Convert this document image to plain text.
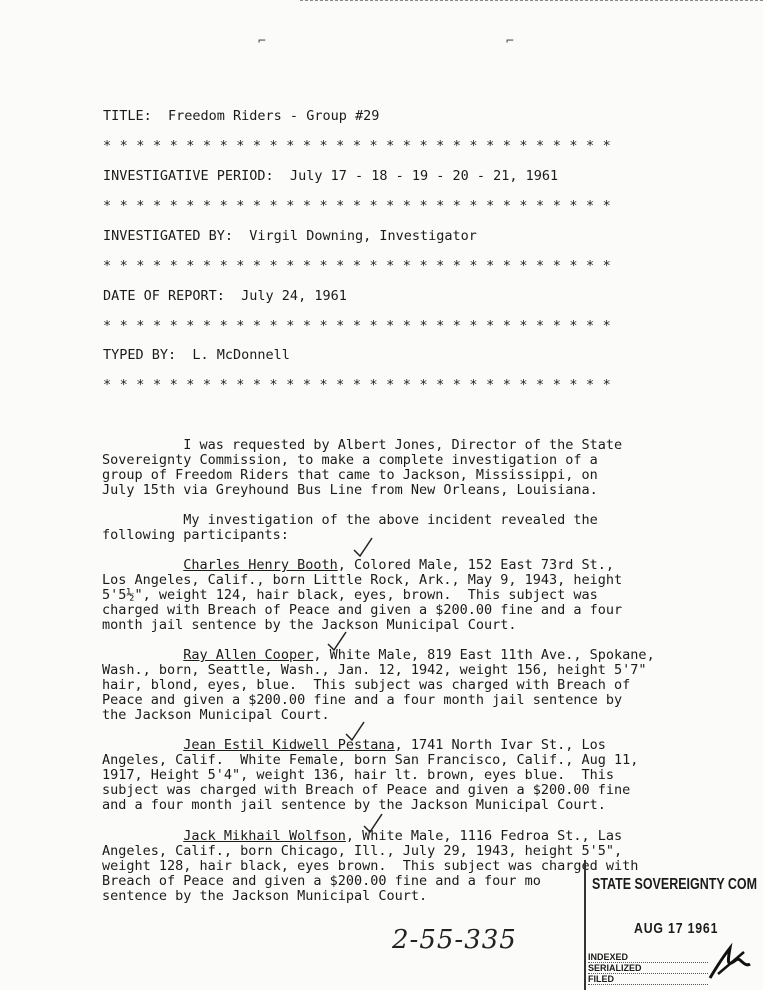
⌐	⌐
TITLE:  Freedom Riders - Group #29
* * * * * * * * * * * * * * * * * * * * * * * * * * * * * * *
INVESTIGATIVE PERIOD:  July 17 - 18 - 19 - 20 - 21, 1961
* * * * * * * * * * * * * * * * * * * * * * * * * * * * * * *
INVESTIGATED BY:  Virgil Downing, Investigator
* * * * * * * * * * * * * * * * * * * * * * * * * * * * * * *
DATE OF REPORT:  July 24, 1961
* * * * * * * * * * * * * * * * * * * * * * * * * * * * * * *
TYPED BY:  L. McDonnell
* * * * * * * * * * * * * * * * * * * * * * * * * * * * * * *

I was requested by Albert Jones, Director of the State

Sovereignty Commission, to make a complete investigation of a

group of Freedom Riders that came to Jackson, Mississippi, on

July 15th via Greyhound Bus Line from New Orleans, Louisiana.

My investigation of the above incident revealed the

following participants:

Charles Henry Booth, Colored Male, 152 East 73rd St.,

Los Angeles, Calif., born Little Rock, Ark., May 9, 1943, height

5'5½", weight 124, hair black, eyes, brown.  This subject was

charged with Breach of Peace and given a $200.00 fine and a four

month jail sentence by the Jackson Municipal Court.

Ray Allen Cooper, White Male, 819 East 11th Ave., Spokane,

Wash., born, Seattle, Wash., Jan. 12, 1942, weight 156, height 5'7"

hair, blond, eyes, blue.  This subject was charged with Breach of

Peace and given a $200.00 fine and a four month jail sentence by

the Jackson Municipal Court.

Jean Estil Kidwell Pestana, 1741 North Ivar St., Los

Angeles, Calif.  White Female, born San Francisco, Calif., Aug 11,

1917, Height 5'4", weight 136, hair lt. brown, eyes blue.  This

subject was charged with Breach of Peace and given a $200.00 fine

and a four month jail sentence by the Jackson Municipal Court.

Jack Mikhail Wolfson, White Male, 1116 Fedroa St., Las

Angeles, Calif., born Chicago, Ill., July 29, 1943, height 5'5",

weight 128, hair black, eyes brown.  This subject was charged with

Breach of Peace and given a $200.00 fine and a four mo

sentence by the Jackson Municipal Court.

2-55-335
STATE SOVEREIGNTY COM
AUG 17 1961
INDEXED
SERIALIZED
FILED
